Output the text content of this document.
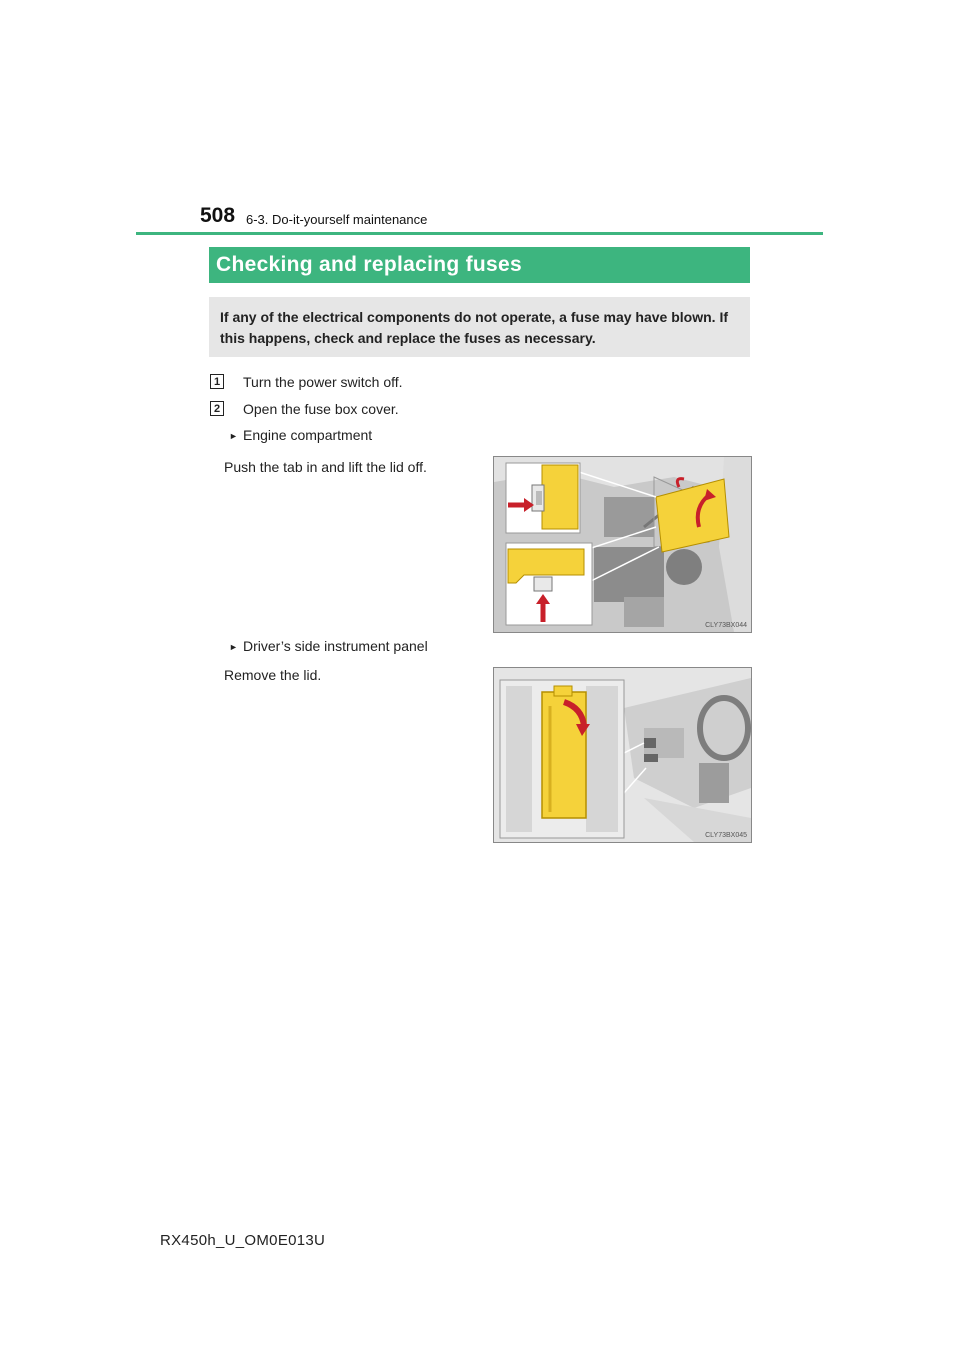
508 6-3. Do-it-yourself maintenance
Checking and replacing fuses
If any of the electrical components do not operate, a fuse may have blown. If this happens, check and replace the fuses as necessary.
1 Turn the power switch off.
2 Open the fuse box cover.
► Engine compartment
Push the tab in and lift the lid off.
CLY73BX044
► Driver’s side instrument panel
Remove the lid.
CLY73BX045
RX450h_U_OM0E013U
